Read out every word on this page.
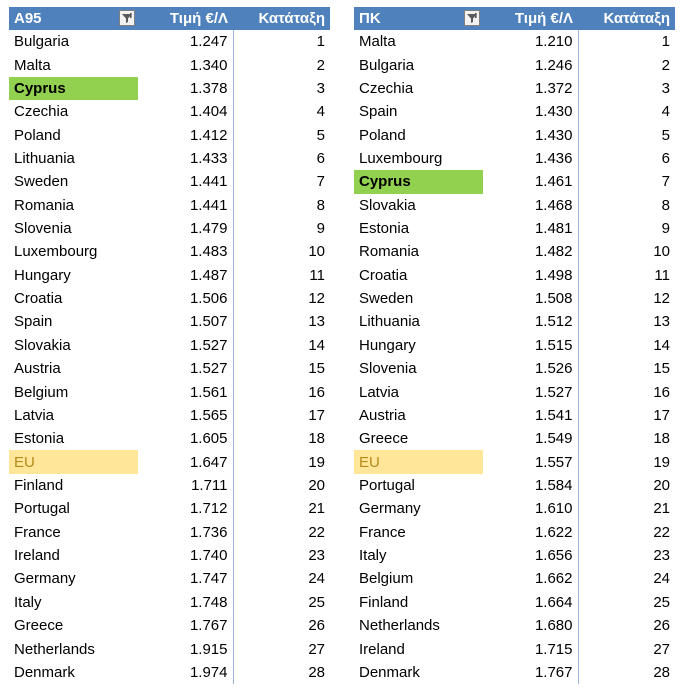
A95	Τιμή €/Λ	Κατάταξη
Bulgaria	1.247	1
Malta	1.340	2
Cyprus	1.378	3
Czechia	1.404	4
Poland	1.412	5
Lithuania	1.433	6
Sweden	1.441	7
Romania	1.441	8
Slovenia	1.479	9
Luxembourg	1.483	10
Hungary	1.487	11
Croatia	1.506	12
Spain	1.507	13
Slovakia	1.527	14
Austria	1.527	15
Belgium	1.561	16
Latvia	1.565	17
Estonia	1.605	18
EU	1.647	19
Finland	1.711	20
Portugal	1.712	21
France	1.736	22
Ireland	1.740	23
Germany	1.747	24
Italy	1.748	25
Greece	1.767	26
Netherlands	1.915	27
Denmark	1.974	28
ΠΚ	Τιμή €/Λ	Κατάταξη
Malta	1.210	1
Bulgaria	1.246	2
Czechia	1.372	3
Spain	1.430	4
Poland	1.430	5
Luxembourg	1.436	6
Cyprus	1.461	7
Slovakia	1.468	8
Estonia	1.481	9
Romania	1.482	10
Croatia	1.498	11
Sweden	1.508	12
Lithuania	1.512	13
Hungary	1.515	14
Slovenia	1.526	15
Latvia	1.527	16
Austria	1.541	17
Greece	1.549	18
EU	1.557	19
Portugal	1.584	20
Germany	1.610	21
France	1.622	22
Italy	1.656	23
Belgium	1.662	24
Finland	1.664	25
Netherlands	1.680	26
Ireland	1.715	27
Denmark	1.767	28
